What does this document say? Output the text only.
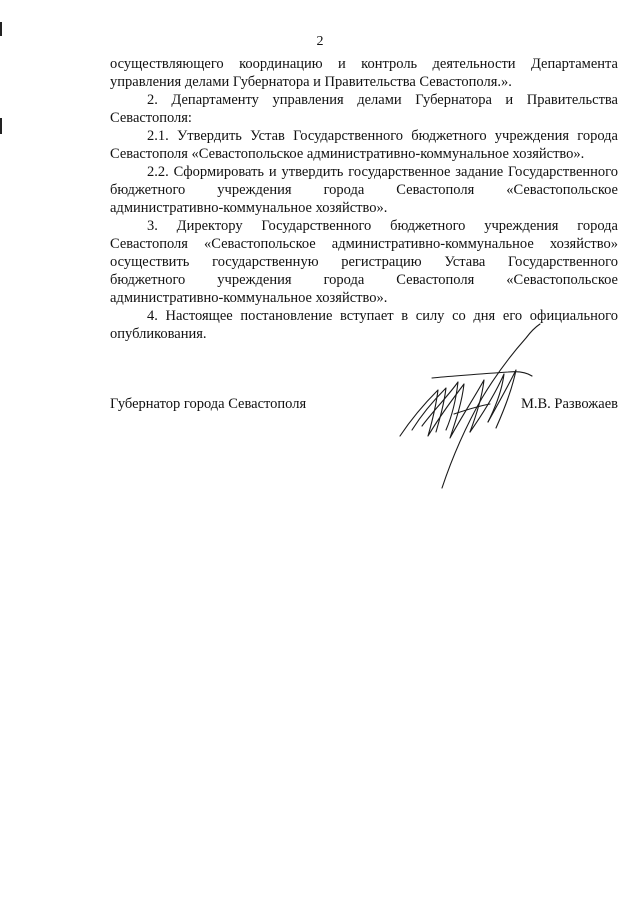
2

осуществляющего координацию и контроль деятельности Департамента управления делами Губернатора и Правительства Севастополя.».

2. Департаменту управления делами Губернатора и Правительства Севастополя:

2.1. Утвердить Устав Государственного бюджетного учреждения города Севастополя «Севастопольское административно-коммунальное хозяйство».

2.2. Сформировать и утвердить государственное задание Государственного бюджетного учреждения города Севастополя «Севастопольское административно-коммунальное хозяйство».

3. Директору Государственного бюджетного учреждения города Севастополя «Севастопольское административно-коммунальное хозяйство» осуществить государственную регистрацию Устава Государственного бюджетного учреждения города Севастополя «Севастопольское административно-коммунальное хозяйство».

4. Настоящее постановление вступает в силу со дня его официального опубликования.

Губернатор города Севастополя	М.В. Развожаев
